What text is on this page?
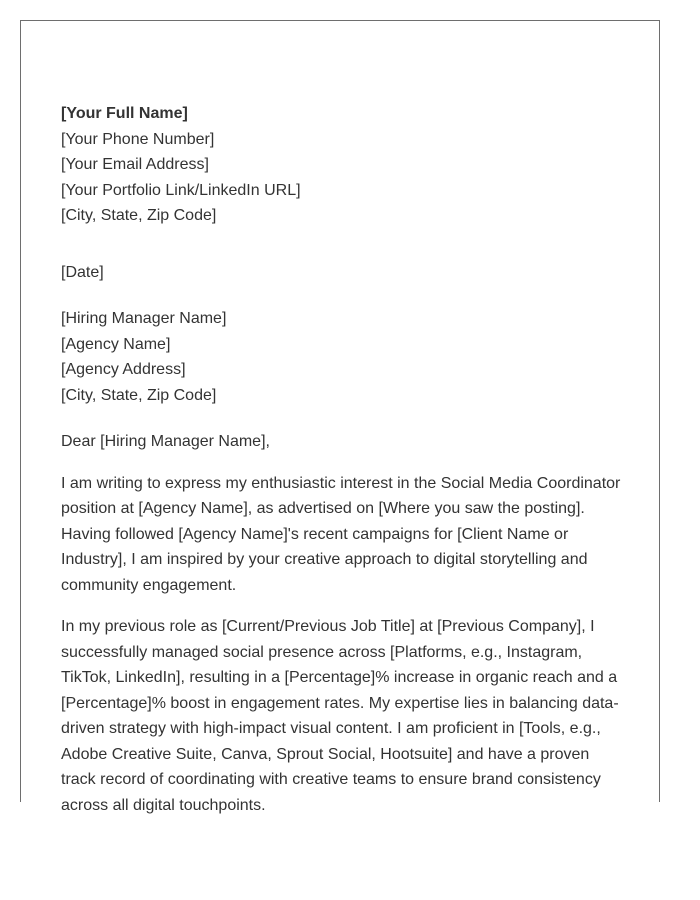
[Your Full Name]
[Your Phone Number]
[Your Email Address]
[Your Portfolio Link/LinkedIn URL]
[City, State, Zip Code]
[Date]
[Hiring Manager Name]
[Agency Name]
[Agency Address]
[City, State, Zip Code]
Dear [Hiring Manager Name],

I am writing to express my enthusiastic interest in the Social Media Coordinator position at [Agency Name], as advertised on [Where you saw the posting]. Having followed [Agency Name]'s recent campaigns for [Client Name or Industry], I am inspired by your creative approach to digital storytelling and community engagement.

In my previous role as [Current/Previous Job Title] at [Previous Company], I successfully managed social presence across [Platforms, e.g., Instagram, TikTok, LinkedIn], resulting in a [Percentage]% increase in organic reach and a [Percentage]% boost in engagement rates. My expertise lies in balancing data-driven strategy with high-impact visual content. I am proficient in [Tools, e.g., Adobe Creative Suite, Canva, Sprout Social, Hootsuite] and have a proven track record of coordinating with creative teams to ensure brand consistency across all digital touchpoints.
